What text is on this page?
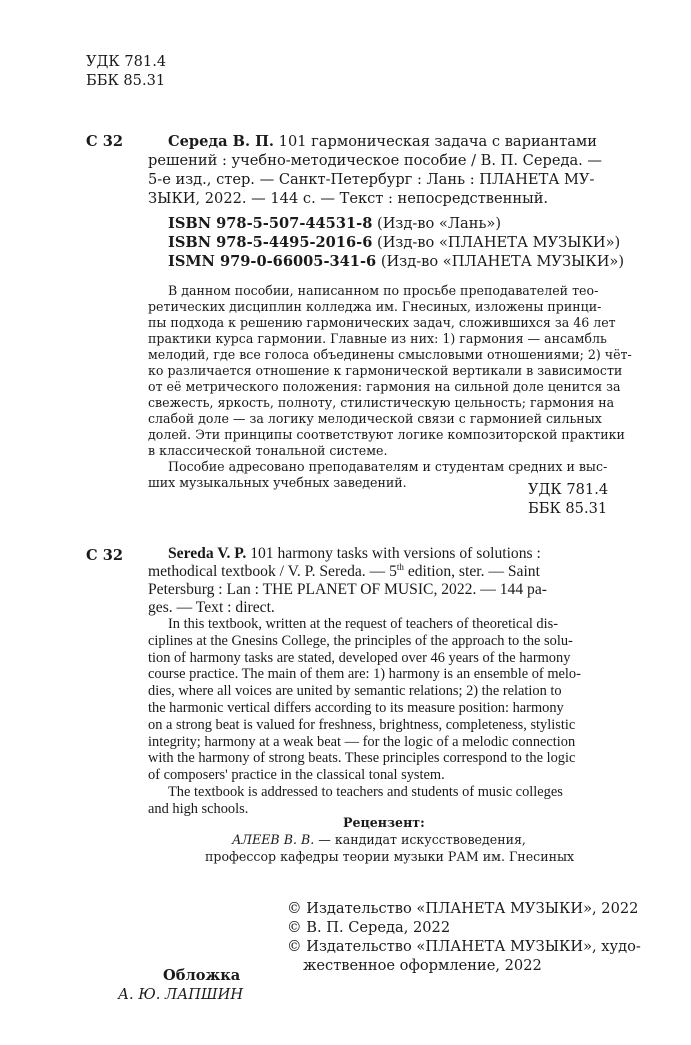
УДК 781.4
ББК 85.31
С 32	Середа В. П. 101 гармоническая задача с вариантами
решений : учебно-методическое пособие / В. П. Середа. —
5-е изд., стер. — Санкт-Петербург : Лань : ПЛАНЕТА МУ-
ЗЫКИ, 2022. — 144 с. — Текст : непосредственный.
ISBN 978-5-507-44531-8 (Изд-во «Лань»)
ISBN 978-5-4495-2016-6 (Изд-во «ПЛАНЕТА МУЗЫКИ»)
ISMN 979-0-66005-341-6 (Изд-во «ПЛАНЕТА МУЗЫКИ»)
В данном пособии, написанном по просьбе преподавателей тео-
ретических дисциплин колледжа им. Гнесиных, изложены принци-
пы подхода к решению гармонических задач, сложившихся за 46 лет
практики курса гармонии. Главные из них: 1) гармония — ансамбль
мелодий, где все голоса объединены смысловыми отношениями; 2) чёт-
ко различается отношение к гармонической вертикали в зависимости
от её метрического положения: гармония на сильной доле ценится за
свежесть, яркость, полноту, стилистическую цельность; гармония на
слабой доле — за логику мелодической связи с гармонией сильных
долей. Эти принципы соответствуют логике композиторской практики
в классической тональной системе.
Пособие адресовано преподавателям и студентам средних и выс-
ших музыкальных учебных заведений.	УДК 781.4
ББК 85.31
С 32	Sereda V. P. 101 harmony tasks with versions of solutions :
methodical textbook / V. P. Sereda. — 5th edition, ster. — Saint
Petersburg : Lan : THE PLANET OF MUSIC, 2022. — 144 pa-
ges. — Text : direct.
In this textbook, written at the request of teachers of theoretical dis-
ciplines at the Gnesins College, the principles of the approach to the solu-
tion of harmony tasks are stated, developed over 46 years of the harmony
course practice. The main of them are: 1) harmony is an ensemble of melo-
dies, where all voices are united by semantic relations; 2) the relation to
the harmonic vertical differs according to its measure position: harmony
on a strong beat is valued for freshness, brightness, completeness, stylistic
integrity; harmony at a weak beat — for the logic of a melodic connection
with the harmony of strong beats. These principles correspond to the logic
of composers' practice in the classical tonal system.
The textbook is addressed to teachers and students of music colleges
and high schools.
Рецензент:
АЛЕЕВ В. В. — кандидат искусствоведения,
профессор кафедры теории музыки РАМ им. Гнесиных
© Издательство «ПЛАНЕТА МУЗЫКИ», 2022
© В. П. Середа, 2022
© Издательство «ПЛАНЕТА МУЗЫКИ», худо-
жественное оформление, 2022
Обложка
А. Ю. ЛАПШИН
